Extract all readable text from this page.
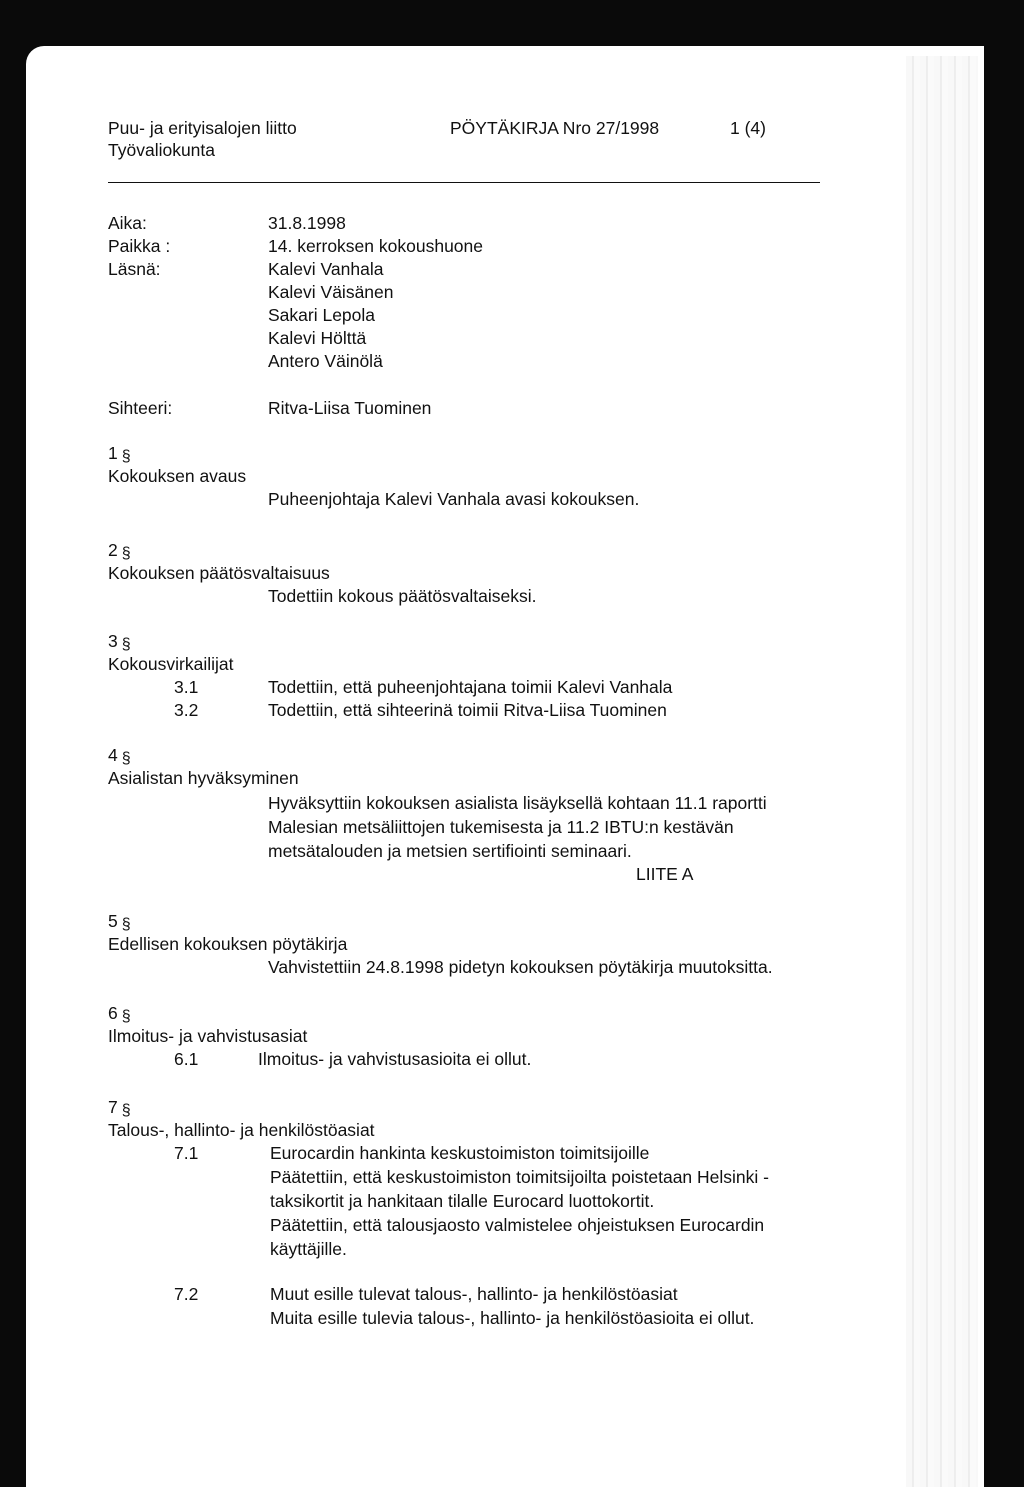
Puu- ja erityisalojen liitto
Työvaliokunta
PÖYTÄKIRJA Nro 27/1998	1 (4)
Aika:	31.8.1998
Paikka :	14. kerroksen kokoushuone
Läsnä:	Kalevi Vanhala
Kalevi Väisänen
Sakari Lepola
Kalevi Hölttä
Antero Väinölä
Sihteeri:	Ritva-Liisa Tuominen
1 §
Kokouksen avaus
Puheenjohtaja Kalevi Vanhala avasi kokouksen.
2 §
Kokouksen päätösvaltaisuus
Todettiin kokous päätösvaltaiseksi.
3 §
Kokousvirkailijat
3.1	Todettiin, että puheenjohtajana toimii Kalevi Vanhala
3.2	Todettiin, että sihteerinä toimii Ritva-Liisa Tuominen
4 §
Asialistan hyväksyminen
Hyväksyttiin kokouksen asialista lisäyksellä kohtaan 11.1 raportti
Malesian metsäliittojen tukemisesta ja 11.2 IBTU:n kestävän
metsätalouden ja metsien sertifiointi seminaari.
LIITE A
5 §
Edellisen kokouksen pöytäkirja
Vahvistettiin 24.8.1998 pidetyn kokouksen pöytäkirja muutoksitta.
6 §
Ilmoitus- ja vahvistusasiat
6.1	Ilmoitus- ja vahvistusasioita ei ollut.
7 §
Talous-, hallinto- ja henkilöstöasiat
7.1	Eurocardin hankinta keskustoimiston toimitsijoille
Päätettiin, että keskustoimiston toimitsijoilta poistetaan Helsinki -
taksikortit ja hankitaan tilalle Eurocard luottokortit.
Päätettiin, että talousjaosto valmistelee ohjeistuksen Eurocardin
käyttäjille.
7.2	Muut esille tulevat talous-, hallinto- ja henkilöstöasiat
Muita esille tulevia talous-, hallinto- ja henkilöstöasioita ei ollut.
